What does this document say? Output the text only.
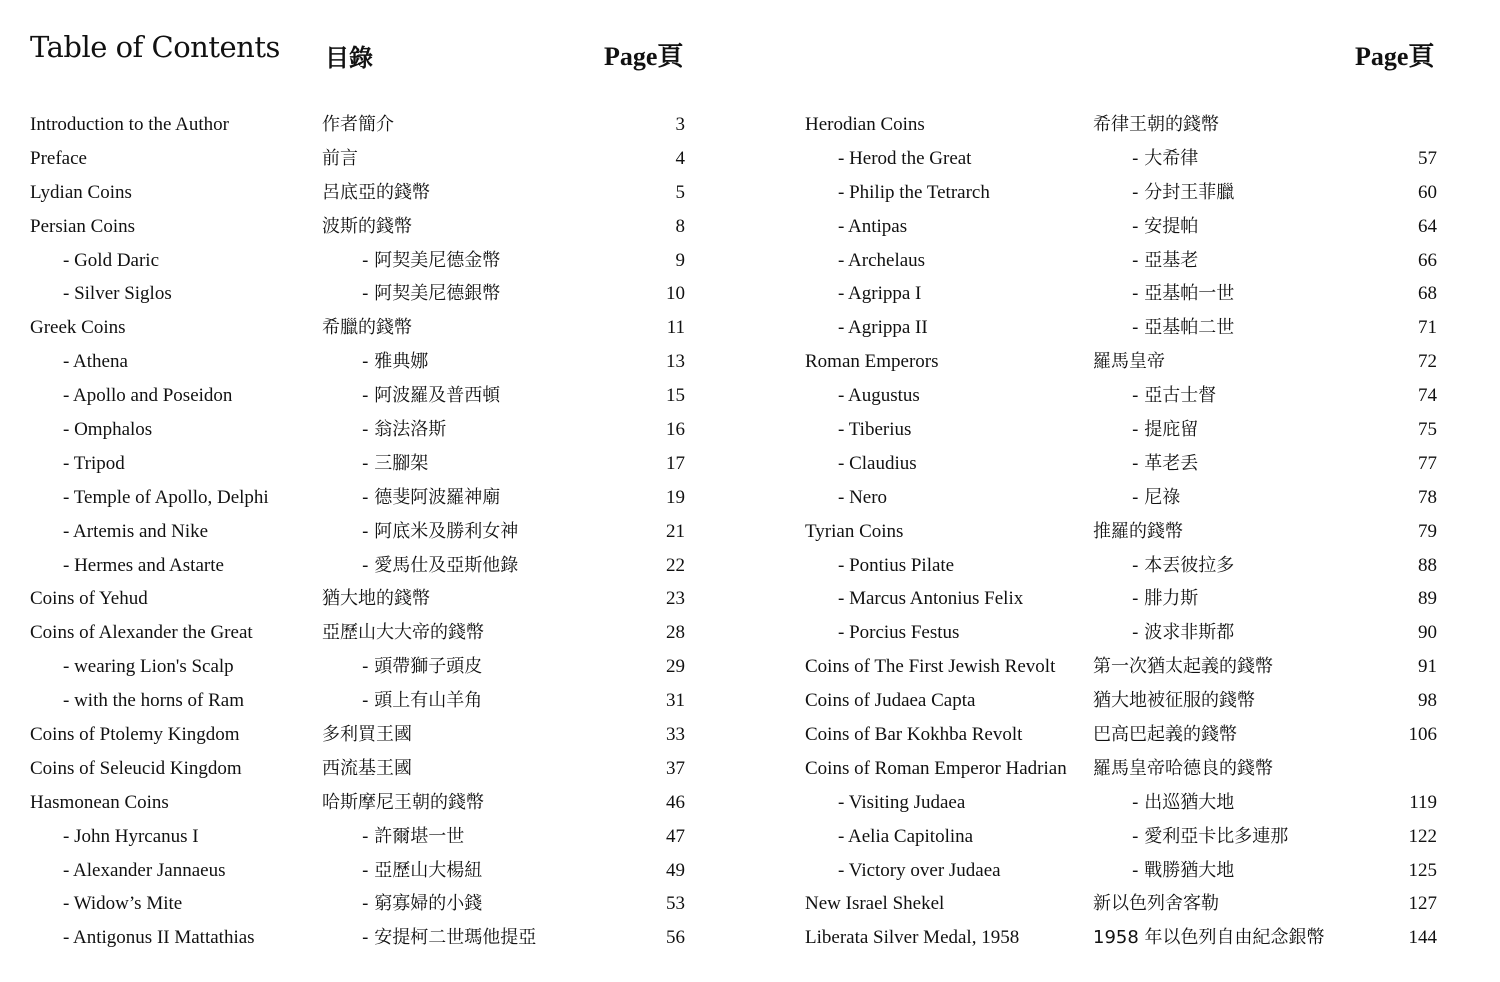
Table of Contents 目錄	Page頁	Page頁
Introduction to the Author	作者簡介	3
Preface	前言	4
Lydian Coins	呂底亞的錢幣	5
Persian Coins	波斯的錢幣	8
- Gold Daric	- 阿契美尼德金幣	9
- Silver Siglos	- 阿契美尼德銀幣	10
Greek Coins	希臘的錢幣	11
- Athena	- 雅典娜	13
- Apollo and Poseidon	- 阿波羅及普西頓	15
- Omphalos	- 翁法洛斯	16
- Tripod	- 三腳架	17
- Temple of Apollo, Delphi	- 德斐阿波羅神廟	19
- Artemis and Nike	- 阿底米及勝利女神	21
- Hermes and Astarte	- 愛馬仕及亞斯他錄	22
Coins of Yehud	猶大地的錢幣	23
Coins of Alexander the Great	亞歷山大大帝的錢幣	28
- wearing Lion's Scalp	- 頭帶獅子頭皮	29
- with the horns of Ram	- 頭上有山羊角	31
Coins of Ptolemy Kingdom	多利買王國	33
Coins of Seleucid Kingdom	西流基王國	37
Hasmonean Coins	哈斯摩尼王朝的錢幣	46
- John Hyrcanus I	- 許爾堪一世	47
- Alexander Jannaeus	- 亞歷山大楊紐	49
- Widow’s Mite	- 窮寡婦的小錢	53
- Antigonus II Mattathias	- 安提柯二世瑪他提亞	56
Herodian Coins	希律王朝的錢幣
- Herod the Great	- 大希律	57
- Philip the Tetrarch	- 分封王菲臘	60
- Antipas	- 安提帕	64
- Archelaus	- 亞基老	66
- Agrippa I	- 亞基帕一世	68
- Agrippa II	- 亞基帕二世	71
Roman Emperors	羅馬皇帝	72
- Augustus	- 亞古士督	74
- Tiberius	- 提庇留	75
- Claudius	- 革老丢	77
- Nero	- 尼祿	78
Tyrian Coins	推羅的錢幣	79
- Pontius Pilate	- 本丟彼拉多	88
- Marcus Antonius Felix	- 腓力斯	89
- Porcius Festus	- 波求非斯都	90
Coins of The First Jewish Revolt 第一次猶太起義的錢幣	91
Coins of Judaea Capta	猶大地被征服的錢幣	98
Coins of Bar Kokhba Revolt	巴高巴起義的錢幣	106
Coins of Roman Emperor Hadrian 羅馬皇帝哈德良的錢幣
- Visiting Judaea	- 出巡猶大地	119
- Aelia Capitolina	- 愛利亞卡比多連那	122
- Victory over Judaea	- 戰勝猶大地	125
New Israel Shekel	新以色列舍客勒	127
Liberata Silver Medal, 1958	1958 年以色列自由紀念銀幣	144
